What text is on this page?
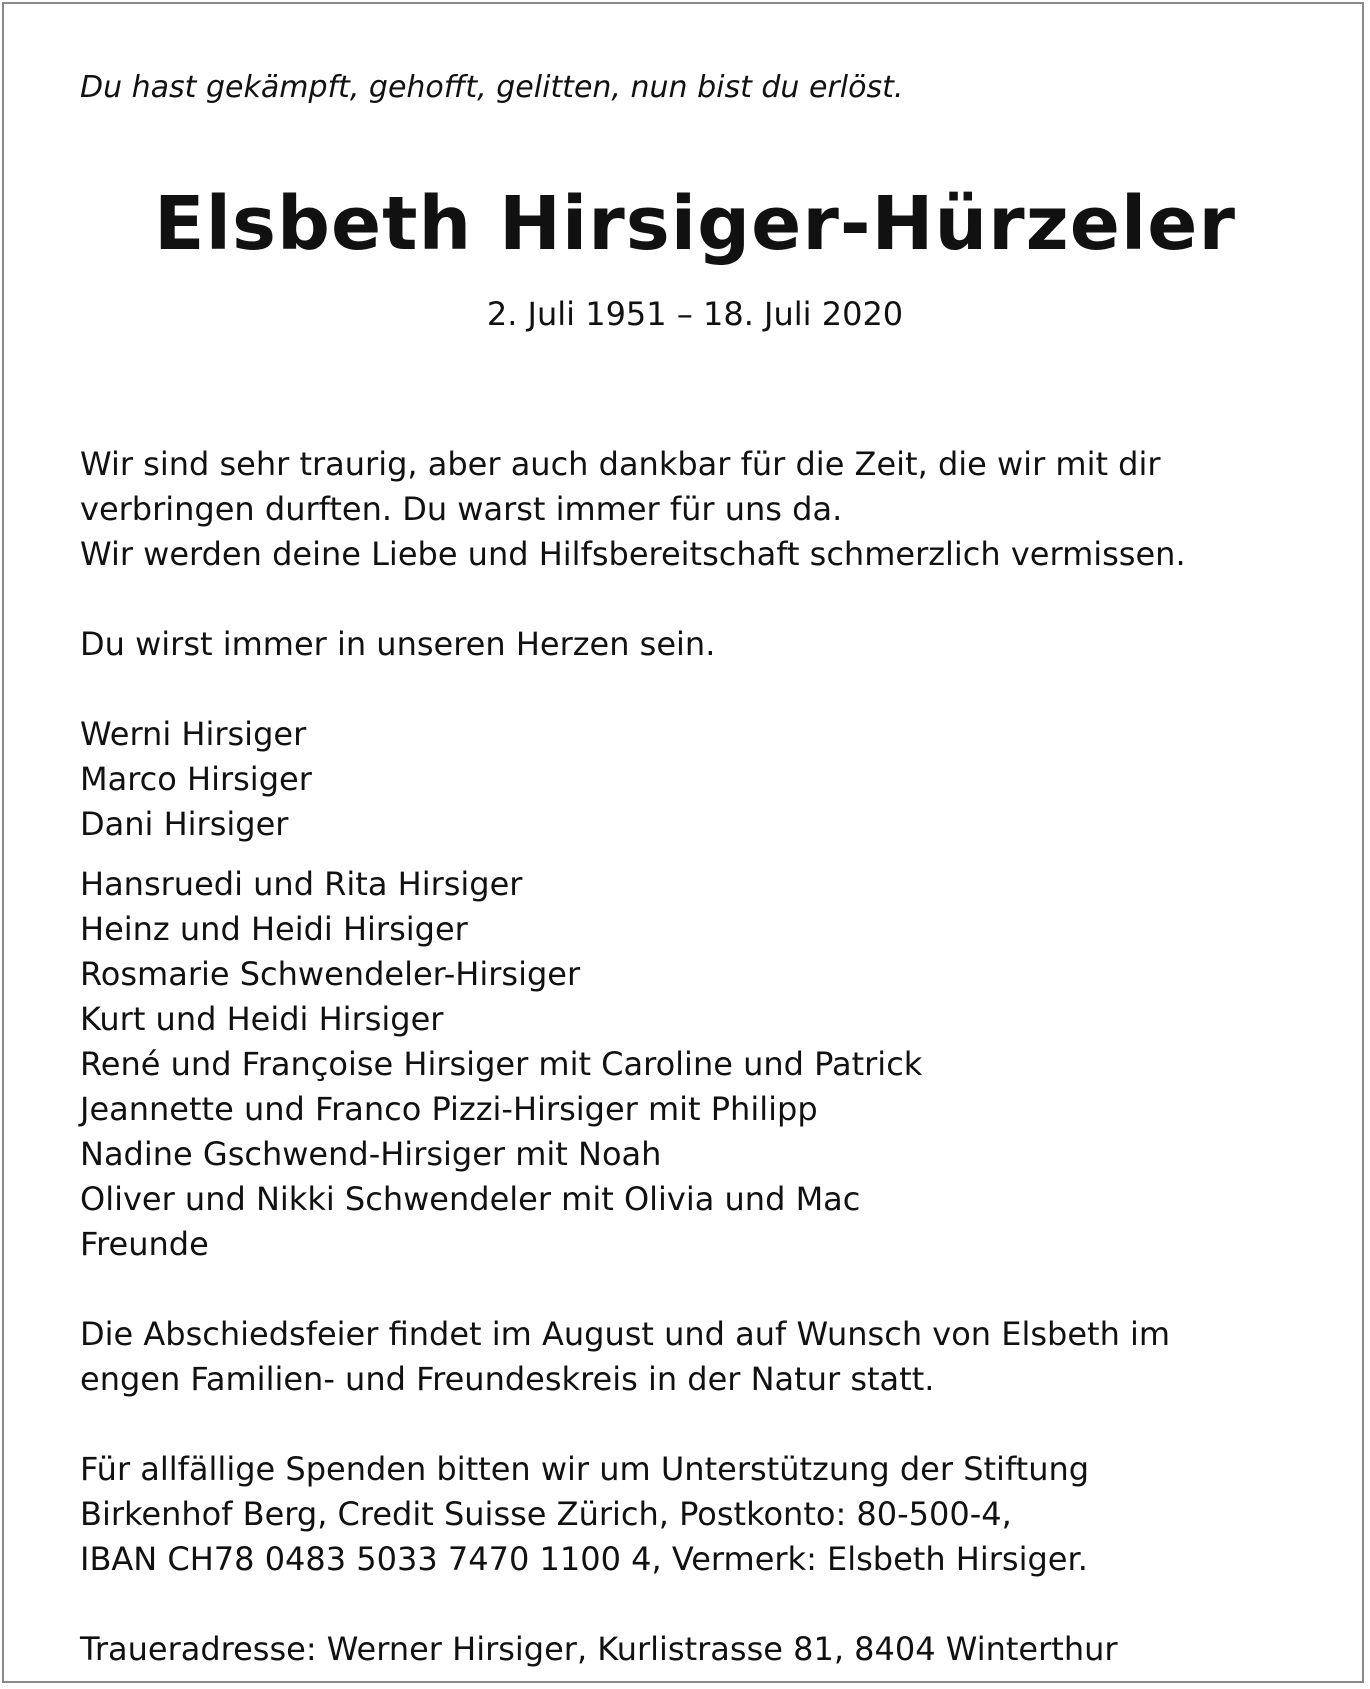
Du hast gekämpft, gehofft, gelitten, nun bist du erlöst.

Elsbeth Hirsiger-Hürzeler

2. Juli 1951 – 18. Juli 2020

Wir sind sehr traurig, aber auch dankbar für die Zeit, die wir mit dir
verbringen durften. Du warst immer für uns da.
Wir werden deine Liebe und Hilfsbereitschaft schmerzlich vermissen.
Du wirst immer in unseren Herzen sein.
Werni Hirsiger
Marco Hirsiger
Dani Hirsiger
Hansruedi und Rita Hirsiger
Heinz und Heidi Hirsiger
Rosmarie Schwendeler-Hirsiger
Kurt und Heidi Hirsiger
René und Françoise Hirsiger mit Caroline und Patrick
Jeannette und Franco Pizzi-Hirsiger mit Philipp
Nadine Gschwend-Hirsiger mit Noah
Oliver und Nikki Schwendeler mit Olivia und Mac
Freunde
Die Abschiedsfeier findet im August und auf Wunsch von Elsbeth im
engen Familien- und Freundeskreis in der Natur statt.
Für allfällige Spenden bitten wir um Unterstützung der Stiftung
Birkenhof Berg, Credit Suisse Zürich, Postkonto: 80-500-4,
IBAN CH78 0483 5033 7470 1100 4, Vermerk: Elsbeth Hirsiger.
Traueradresse: Werner Hirsiger, Kurlistrasse 81, 8404 Winterthur
